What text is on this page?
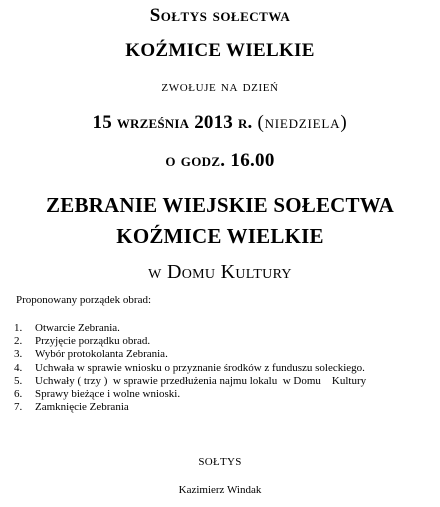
Sołtys sołectwa
KOŹMICE WIELKIE
zwołuje na dzień
15 września 2013 r. (niedziela)
o godz. 16.00
ZEBRANIE WIEJSKIE SOŁECTWA
KOŹMICE WIELKIE
w Domu Kultury
Proponowany porządek obrad:
1. Otwarcie Zebrania.
2. Przyjęcie porządku obrad.
3. Wybór protokolanta Zebrania.
4. Uchwała w sprawie wniosku o przyznanie środków z funduszu soleckiego.
5. Uchwały ( trzy )  w sprawie przedłużenia najmu lokalu  w Domu    Kultury
6. Sprawy bieżące i wolne wnioski.
7. Zamknięcie Zebrania
SOŁTYS
Kazimierz Windak
